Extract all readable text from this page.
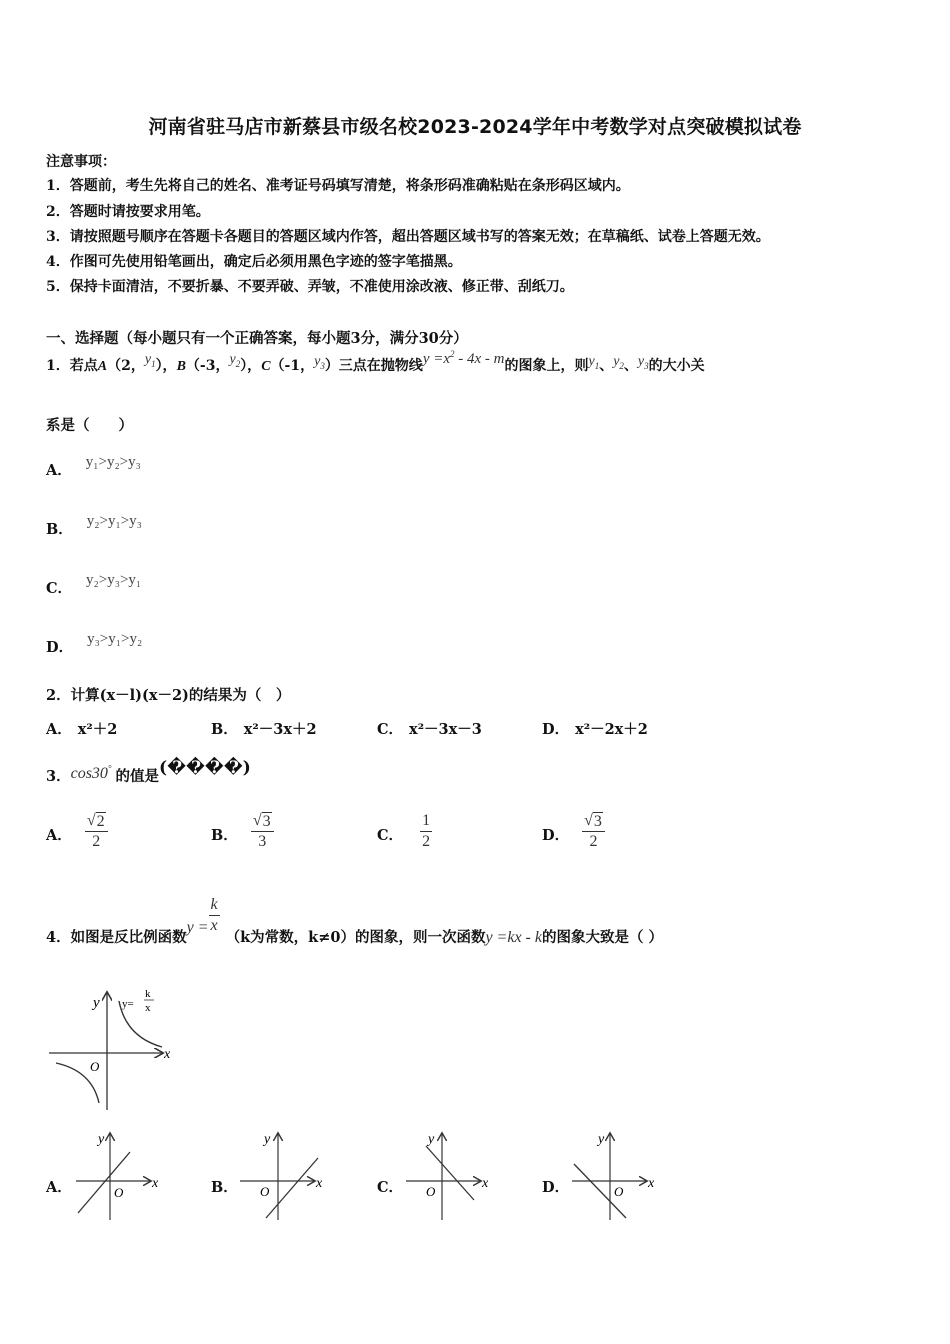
河南省驻马店市新蔡县市级名校2023-2024学年中考数学对点突破模拟试卷
注意事项：
1．答题前，考生先将自己的姓名、准考证号码填写清楚，将条形码准确粘贴在条形码区域内。
2．答题时请按要求用笔。
3．请按照题号顺序在答题卡各题目的答题区域内作答，超出答题区域书写的答案无效；在草稿纸、试卷上答题无效。
4．作图可先使用铅笔画出，确定后必须用黑色字迹的签字笔描黑。
5．保持卡面清洁，不要折暴、不要弄破、弄皱，不准使用涂改液、修正带、刮纸刀。
一、选择题（每小题只有一个正确答案，每小题3分，满分30分）
1．若点A（2，$y_1$），B（-3，$y_2$），C（-1，$y_3$）三点在抛物线$y =x^2 - 4x - m$的图象上，则$y_1$、$y_2$、$y_3$的大小关
系是（　　）
A． y₁>y₂>y₃
B． y₂>y₁>y₃
C． y₂>y₃>y₁
D． y₃>y₁>y₂
2．计算(x－l)(x－2)的结果为（　）
A． x²＋2	B． x²－3x＋2	C． x²－3x－3	D． x²－2x＋2
3．cos30° 的值是(����)
A． $\frac{√ 2}{2}$	B． $\frac{√ 3}{3}$	C． $\frac{1}{2}$	D． $\frac{√ 3}{2}$
4．如图是反比例函数$y = \frac{k}{x}$
（k为常数，k≠0）的图象，则一次函数y =kx - k的图象大致是（ ）
y y=
k
x
O
x
A．
y
O
x	B．
y
O
x	C．
y
O
x	D．
y
O
x
